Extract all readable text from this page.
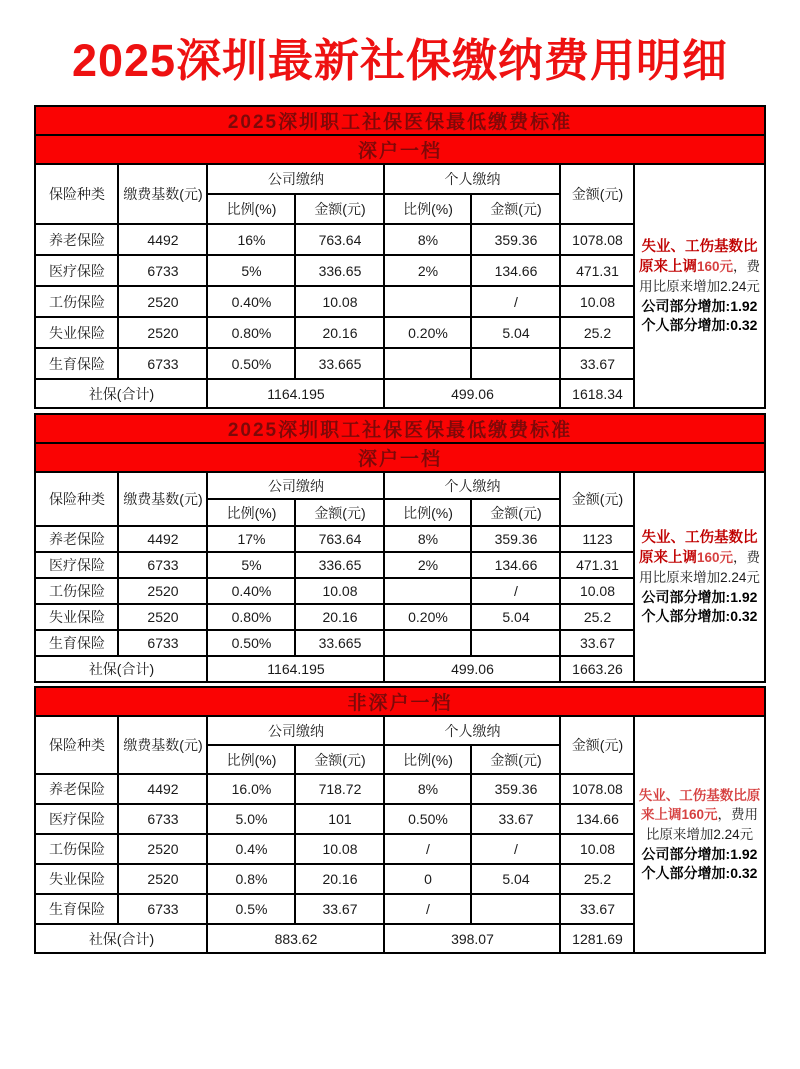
2025深圳最新社保缴纳费用明细
2025深圳职工社保医保最低缴费标准							
深户一档							
保险种类	缴费基数(元)	公司缴纳		个人缴纳		金额(元)	失业、工伤基数比原来上调160元，费用比原来增加2.24元
公司部分增加:1.92
个人部分增加:0.32

		比例(%)	金额(元)	比例(%)	金额(元)		
养老保险	4492	16%	763.64	8%	359.36	1078.08	
医疗保险	6733	5%	336.65	2%	134.66	471.31	
工伤保险	2520	0.40%	10.08		/	10.08	
失业保险	2520	0.80%	20.16	0.20%	5.04	25.2	
生育保险	6733	0.50%	33.665			33.67	
社保(合计)		1164.195		499.06		1618.34	
2025深圳职工社保医保最低缴费标准							
深户一档							
保险种类	缴费基数(元)	公司缴纳		个人缴纳		金额(元)	失业、工伤基数比原来上调160元，费用比原来增加2.24元
公司部分增加:1.92
个人部分增加:0.32

		比例(%)	金额(元)	比例(%)	金额(元)		
养老保险	4492	17%	763.64	8%	359.36	1123	
医疗保险	6733	5%	336.65	2%	134.66	471.31	
工伤保险	2520	0.40%	10.08		/	10.08	
失业保险	2520	0.80%	20.16	0.20%	5.04	25.2	
生育保险	6733	0.50%	33.665			33.67	
社保(合计)		1164.195		499.06		1663.26	
非深户一档							
保险种类	缴费基数(元)	公司缴纳		个人缴纳		金额(元)	失业、工伤基数比原来上调160元，费用比原来增加2.24元
公司部分增加:1.92
个人部分增加:0.32

		比例(%)	金额(元)	比例(%)	金额(元)		
养老保险	4492	16.0%	718.72	8%	359.36	1078.08	
医疗保险	6733	5.0%	101	0.50%	33.67	134.66	
工伤保险	2520	0.4%	10.08	/	/	10.08	
失业保险	2520	0.8%	20.16	0	5.04	25.2	
生育保险	6733	0.5%	33.67	/		33.67	
社保(合计)		883.62		398.07		1281.69	
